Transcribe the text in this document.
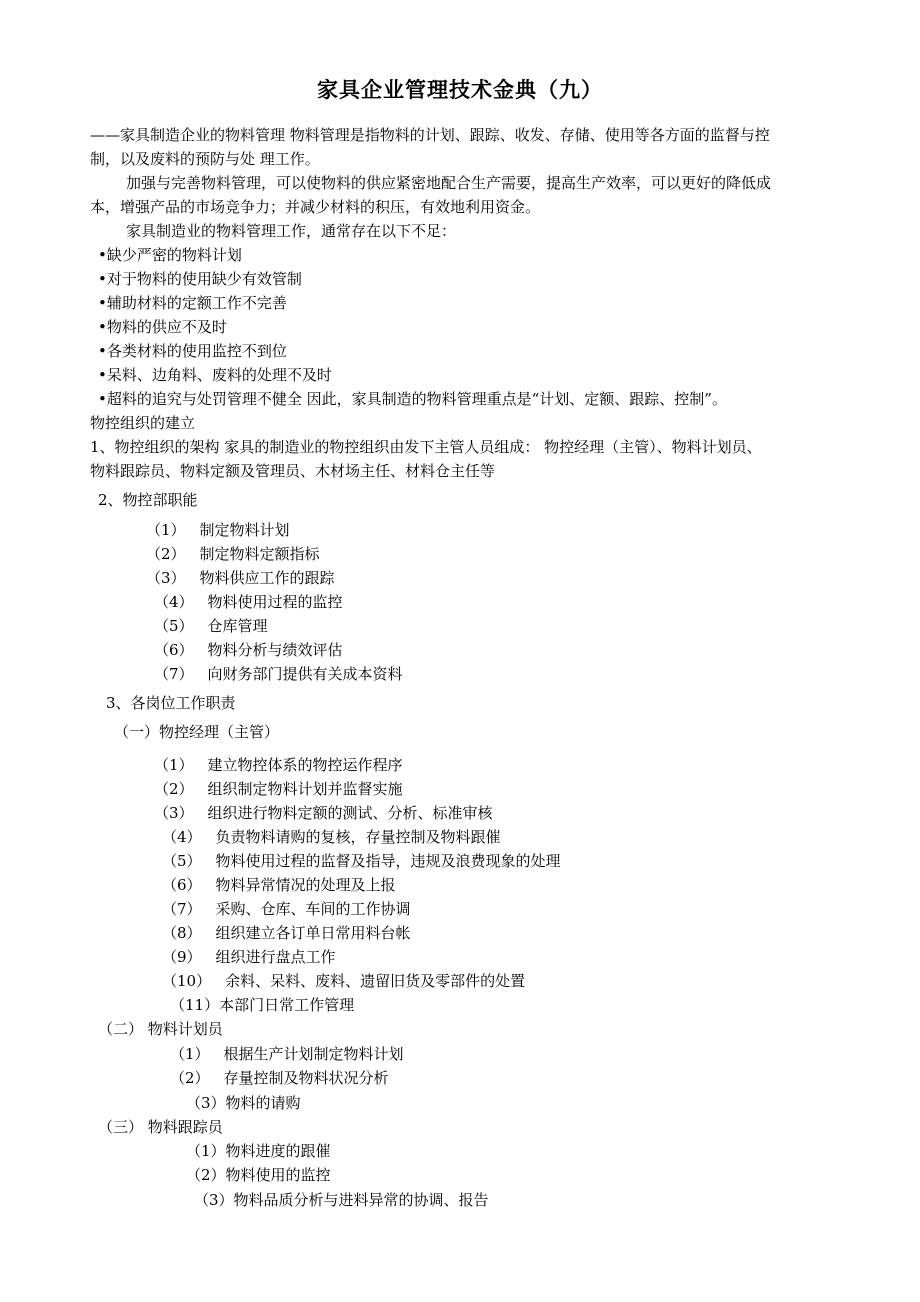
家具企业管理技术金典（九）
——家具制造企业的物料管理 物料管理是指物料的计划、跟踪、收发、存储、使用等各方面的监督与控
制，以及废料的预防与处 理工作。
加强与完善物料管理，可以使物料的供应紧密地配合生产需要，提高生产效率，可以更好的降低成
本，增强产品的市场竞争力；并减少材料的积压，有效地利用资金。
家具制造业的物料管理工作，通常存在以下不足：
•缺少严密的物料计划
•对于物料的使用缺少有效管制
•辅助材料的定额工作不完善
•物料的供应不及时
•各类材料的使用监控不到位
•呆料、边角料、废料的处理不及时
•超料的追究与处罚管理不健全 因此，家具制造的物料管理重点是“计划、定额、跟踪、控制”。
物控组织的建立
1、物控组织的架构 家具的制造业的物控组织由发下主管人员组成： 物控经理（主管）、物料计划员、
物料跟踪员、物料定额及管理员、木材场主任、材料仓主任等
2、物控部职能
（1） 制定物料计划
（2） 制定物料定额指标
（3） 物料供应工作的跟踪
（4） 物料使用过程的监控
（5） 仓库管理
（6） 物料分析与绩效评估
（7） 向财务部门提供有关成本资料
3、各岗位工作职责
（一）物控经理（主管）
（1） 建立物控体系的物控运作程序
（2） 组织制定物料计划并监督实施
（3） 组织进行物料定额的测试、分析、标准审核
（4） 负责物料请购的复核，存量控制及物料跟催
（5） 物料使用过程的监督及指导，违规及浪费现象的处理
（6） 物料异常情况的处理及上报
（7） 采购、仓库、车间的工作协调
（8） 组织建立各订单日常用料台帐
（9） 组织进行盘点工作
（10） 余料、呆料、废料、遗留旧货及零部件的处置
（11）本部门日常工作管理
（二） 物料计划员
（1） 根据生产计划制定物料计划
（2） 存量控制及物料状况分析
（3）物料的请购
（三） 物料跟踪员
（1）物料进度的跟催
（2）物料使用的监控
（3）物料品质分析与进料异常的协调、报告
